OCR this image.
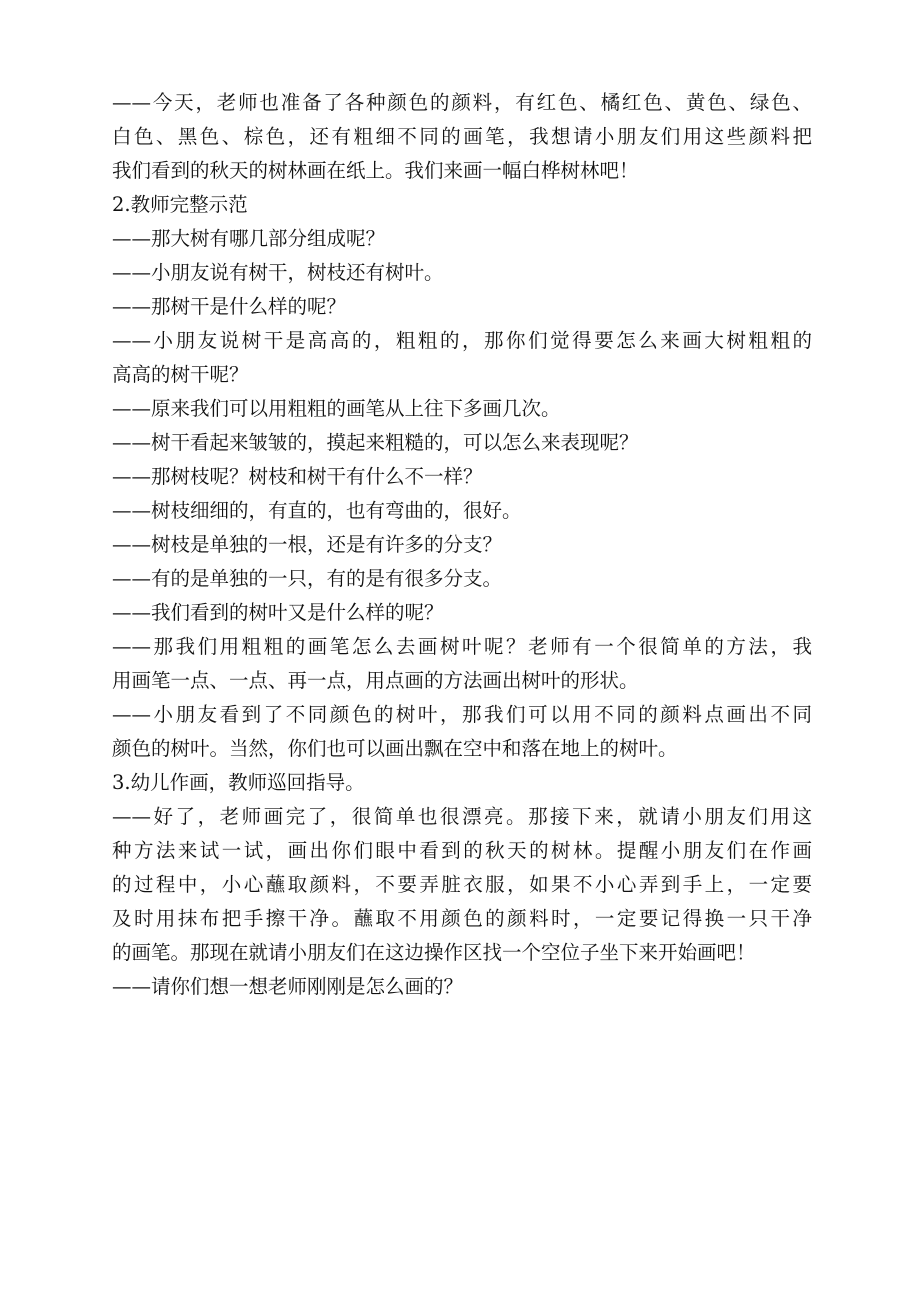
——今天，老师也准备了各种颜色的颜料，有红色、橘红色、黄色、绿色、
白色、黑色、棕色，还有粗细不同的画笔，我想请小朋友们用这些颜料把
我们看到的秋天的树林画在纸上。我们来画一幅白桦树林吧！
2.教师完整示范
——那大树有哪几部分组成呢？
——小朋友说有树干，树枝还有树叶。
——那树干是什么样的呢？
——小朋友说树干是高高的，粗粗的，那你们觉得要怎么来画大树粗粗的
高高的树干呢？
——原来我们可以用粗粗的画笔从上往下多画几次。
——树干看起来皱皱的，摸起来粗糙的，可以怎么来表现呢？
——那树枝呢？树枝和树干有什么不一样？
——树枝细细的，有直的，也有弯曲的，很好。
——树枝是单独的一根，还是有许多的分支？
——有的是单独的一只，有的是有很多分支。
——我们看到的树叶又是什么样的呢？
——那我们用粗粗的画笔怎么去画树叶呢？老师有一个很简单的方法，我
用画笔一点、一点、再一点，用点画的方法画出树叶的形状。
——小朋友看到了不同颜色的树叶，那我们可以用不同的颜料点画出不同
颜色的树叶。当然，你们也可以画出飘在空中和落在地上的树叶。
3.幼儿作画，教师巡回指导。
——好了，老师画完了，很简单也很漂亮。那接下来，就请小朋友们用这
种方法来试一试，画出你们眼中看到的秋天的树林。提醒小朋友们在作画
的过程中，小心蘸取颜料，不要弄脏衣服，如果不小心弄到手上，一定要
及时用抹布把手擦干净。蘸取不用颜色的颜料时，一定要记得换一只干净
的画笔。那现在就请小朋友们在这边操作区找一个空位子坐下来开始画吧！
——请你们想一想老师刚刚是怎么画的？
